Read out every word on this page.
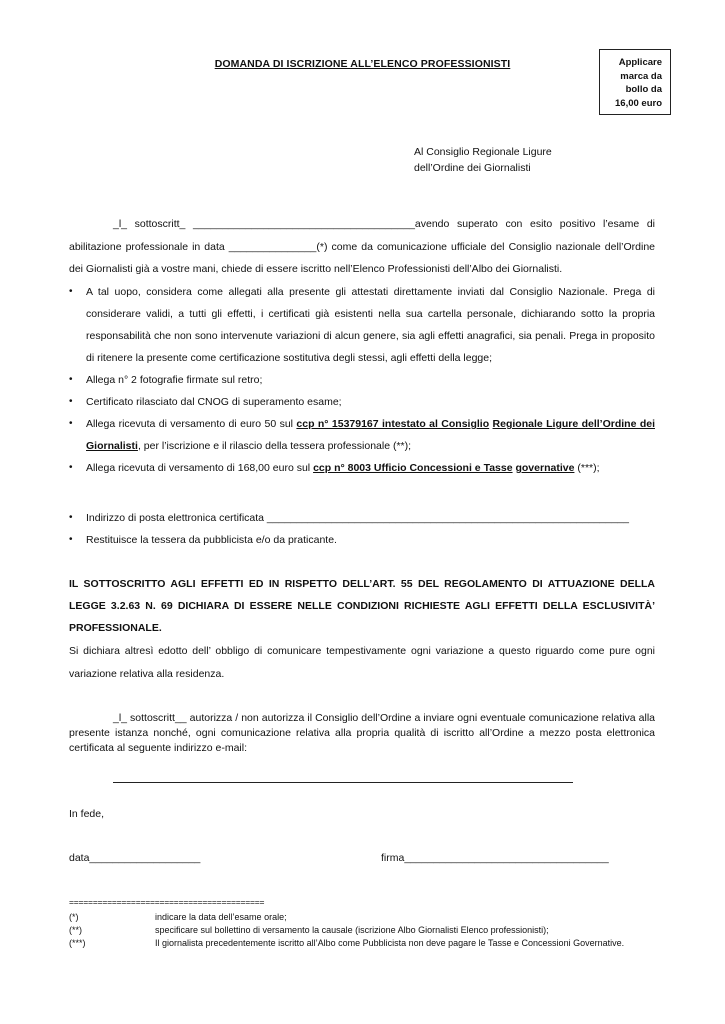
DOMANDA DI ISCRIZIONE ALL’ELENCO PROFESSIONISTI	Applicare
marca da
bollo da
16,00 euro
Al Consiglio Regionale Ligure
dell’Ordine dei Giornalisti
_l_ sottoscritt_ ______________________________________avendo superato con esito positivo l’esame di abilitazione professionale in data _______________(*) come da comunicazione ufficiale del Consiglio nazionale dell’Ordine dei Giornalisti già a vostre mani, chiede di essere iscritto nell’Elenco Professionisti dell’Albo dei Giornalisti.
• A tal uopo, considera come allegati alla presente gli attestati direttamente inviati dal Consiglio Nazionale. Prega di considerare validi, a tutti gli effetti, i certificati già esistenti nella sua cartella personale, dichiarando sotto la propria responsabilità che non sono intervenute variazioni di alcun genere, sia agli effetti anagrafici, sia penali. Prega in proposito di ritenere la presente come certificazione sostitutiva degli stessi, agli effetti della legge;
• Allega n° 2 fotografie firmate sul retro;
• Certificato rilasciato dal CNOG di superamento esame;
• Allega ricevuta di versamento di euro 50 sul ccp n° 15379167 intestato al Consiglio Regionale Ligure dell’Ordine dei Giornalisti, per l’iscrizione e il rilascio della tessera professionale (**);
• Allega ricevuta di versamento di 168,00 euro sul ccp n° 8003 Ufficio Concessioni e Tasse governative (***);
• Indirizzo di posta elettronica certificata ______________________________________________________________
• Restituisce la tessera da pubblicista e/o da praticante.
IL SOTTOSCRITTO AGLI EFFETTI ED IN RISPETTO DELL’ART. 55 DEL REGOLAMENTO DI ATTUAZIONE DELLA LEGGE 3.2.63 N. 69 DICHIARA DI ESSERE NELLE CONDIZIONI RICHIESTE AGLI EFFETTI DELLA ESCLUSIVITÀ’ PROFESSIONALE.
Si dichiara altresì edotto dell’ obbligo di comunicare tempestivamente ogni variazione a questo riguardo come pure ogni variazione relativa alla residenza.
_l_ sottoscritt__ autorizza / non autorizza il Consiglio dell’Ordine a inviare ogni eventuale comunicazione relativa alla presente istanza nonché, ogni comunicazione relativa alla propria qualità di iscritto all’Ordine a mezzo posta elettronica certificata al seguente indirizzo e-mail:
In fede,
data___________________	firma___________________________________
=========================================
(*)	indicare la data dell’esame orale;
(**)	specificare sul bollettino di versamento la causale (iscrizione Albo Giornalisti Elenco professionisti);
(***)	Il giornalista precedentemente iscritto all’Albo come Pubblicista non deve pagare le Tasse e Concessioni Governative.
